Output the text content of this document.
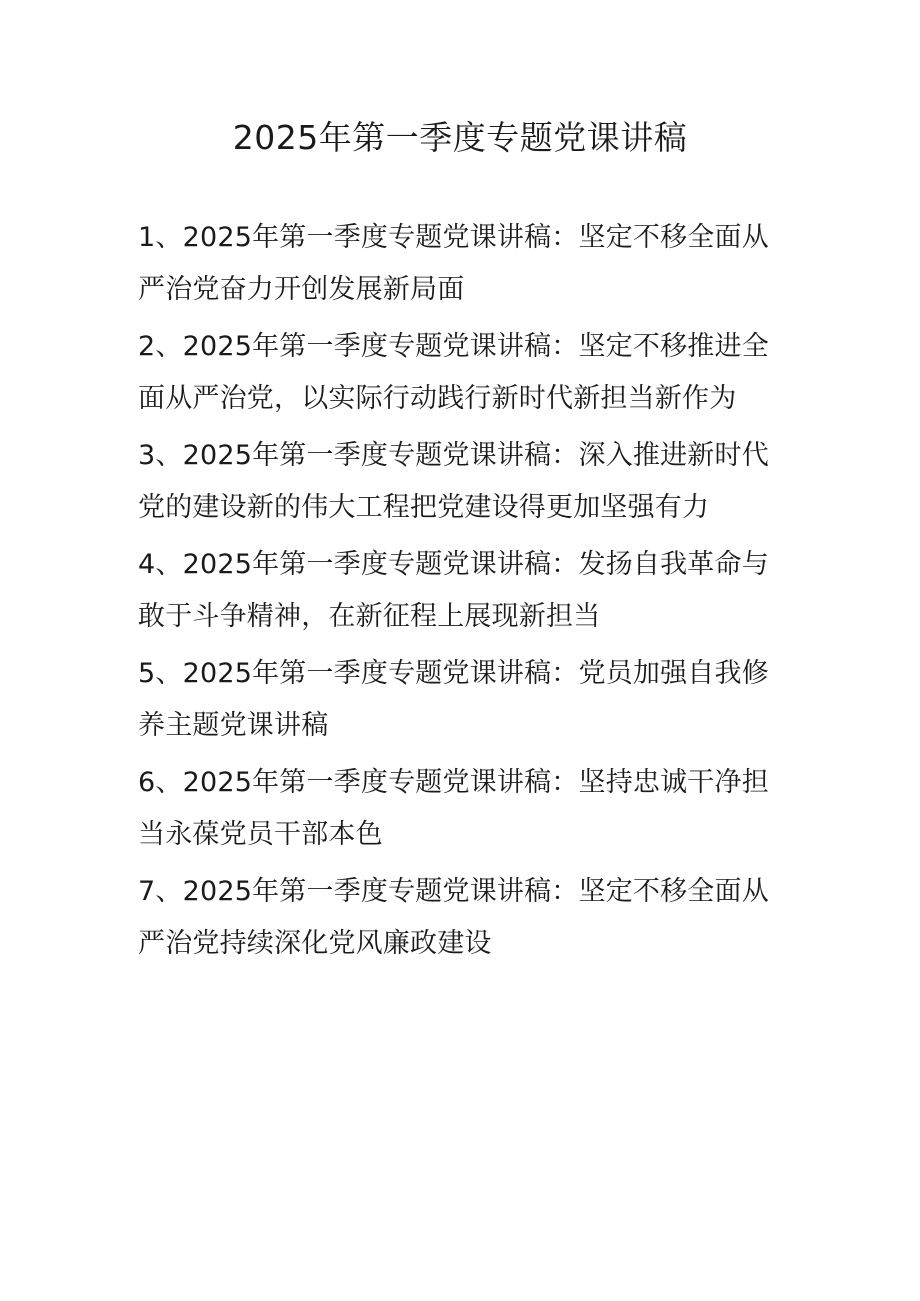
2025年第一季度专题党课讲稿
1、2025年第一季度专题党课讲稿：坚定不移全面从严治党奋力开创发展新局面
2、2025年第一季度专题党课讲稿：坚定不移推进全面从严治党，以实际行动践行新时代新担当新作为
3、2025年第一季度专题党课讲稿：深入推进新时代党的建设新的伟大工程把党建设得更加坚强有力
4、2025年第一季度专题党课讲稿：发扬自我革命与敢于斗争精神，在新征程上展现新担当
5、2025年第一季度专题党课讲稿：党员加强自我修养主题党课讲稿
6、2025年第一季度专题党课讲稿：坚持忠诚干净担当永葆党员干部本色
7、2025年第一季度专题党课讲稿：坚定不移全面从严治党持续深化党风廉政建设
